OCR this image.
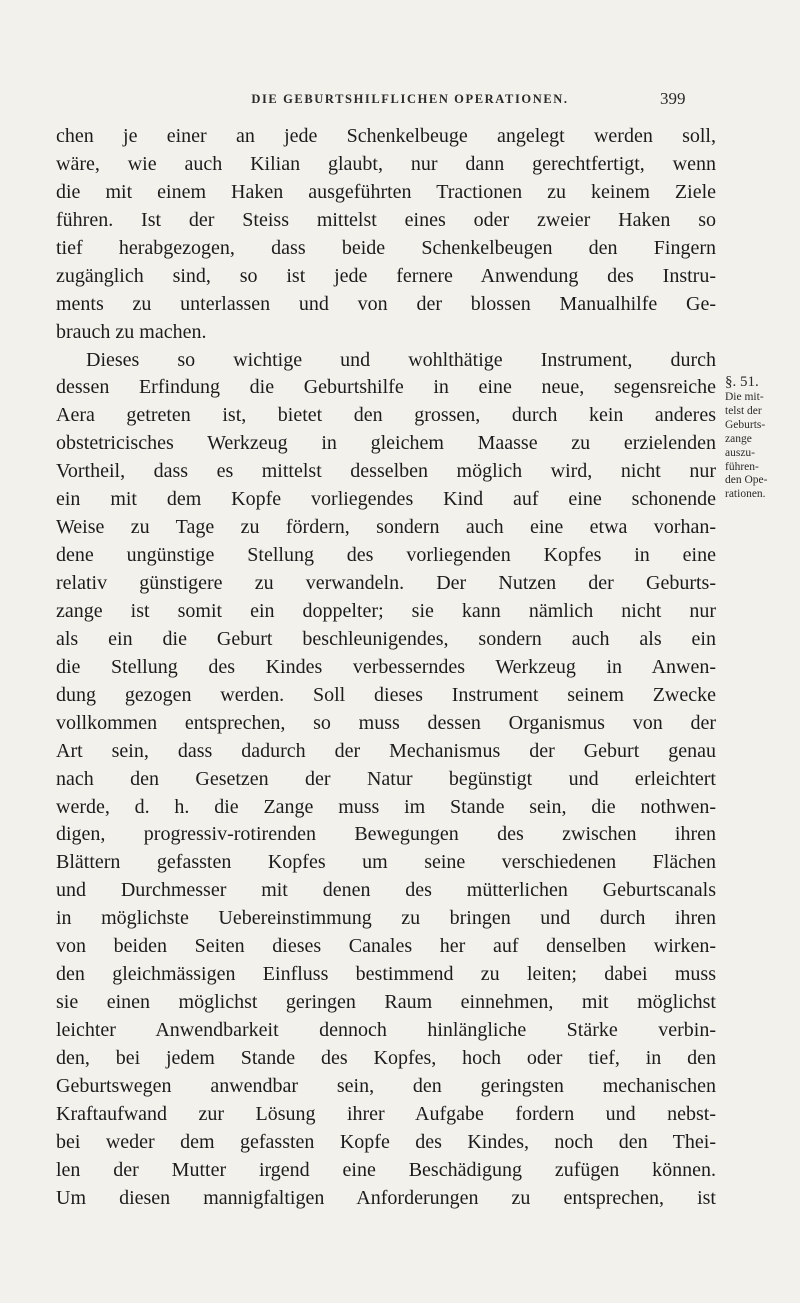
DIE GEBURTSHILFLICHEN OPERATIONEN.	399
chen je einer an jede Schenkelbeuge angelegt werden soll,
wäre, wie auch Kilian glaubt, nur dann gerechtfertigt, wenn
die mit einem Haken ausgeführten Tractionen zu keinem Ziele
führen. Ist der Steiss mittelst eines oder zweier Haken so
tief herabgezogen, dass beide Schenkelbeugen den Fingern
zugänglich sind, so ist jede fernere Anwendung des Instru-
ments zu unterlassen und von der blossen Manualhilfe Ge-
brauch zu machen.
Dieses so wichtige und wohlthätige Instrument, durch
dessen Erfindung die Geburtshilfe in eine neue, segensreiche
Aera getreten ist, bietet den grossen, durch kein anderes
obstetricisches Werkzeug in gleichem Maasse zu erzielenden
Vortheil, dass es mittelst desselben möglich wird, nicht nur
ein mit dem Kopfe vorliegendes Kind auf eine schonende
Weise zu Tage zu fördern, sondern auch eine etwa vorhan-
dene ungünstige Stellung des vorliegenden Kopfes in eine
relativ günstigere zu verwandeln. Der Nutzen der Geburts-
zange ist somit ein doppelter; sie kann nämlich nicht nur
als ein die Geburt beschleunigendes, sondern auch als ein
die Stellung des Kindes verbesserndes Werkzeug in Anwen-
dung gezogen werden. Soll dieses Instrument seinem Zwecke
vollkommen entsprechen, so muss dessen Organismus von der
Art sein, dass dadurch der Mechanismus der Geburt genau
nach den Gesetzen der Natur begünstigt und erleichtert
werde, d. h. die Zange muss im Stande sein, die nothwen-
digen, progressiv-rotirenden Bewegungen des zwischen ihren
Blättern gefassten Kopfes um seine verschiedenen Flächen
und Durchmesser mit denen des mütterlichen Geburtscanals
in möglichste Uebereinstimmung zu bringen und durch ihren
von beiden Seiten dieses Canales her auf denselben wirken-
den gleichmässigen Einfluss bestimmend zu leiten; dabei muss
sie einen möglichst geringen Raum einnehmen, mit möglichst
leichter Anwendbarkeit dennoch hinlängliche Stärke verbin-
den, bei jedem Stande des Kopfes, hoch oder tief, in den
Geburtswegen anwendbar sein, den geringsten mechanischen
Kraftaufwand zur Lösung ihrer Aufgabe fordern und nebst-
bei weder dem gefassten Kopfe des Kindes, noch den Thei-
len der Mutter irgend eine Beschädigung zufügen können.
Um diesen mannigfaltigen Anforderungen zu entsprechen, ist
§. 51.
Die mit-
telst der
Geburts-
zange
auszu-
führen-
den Ope-
rationen.
